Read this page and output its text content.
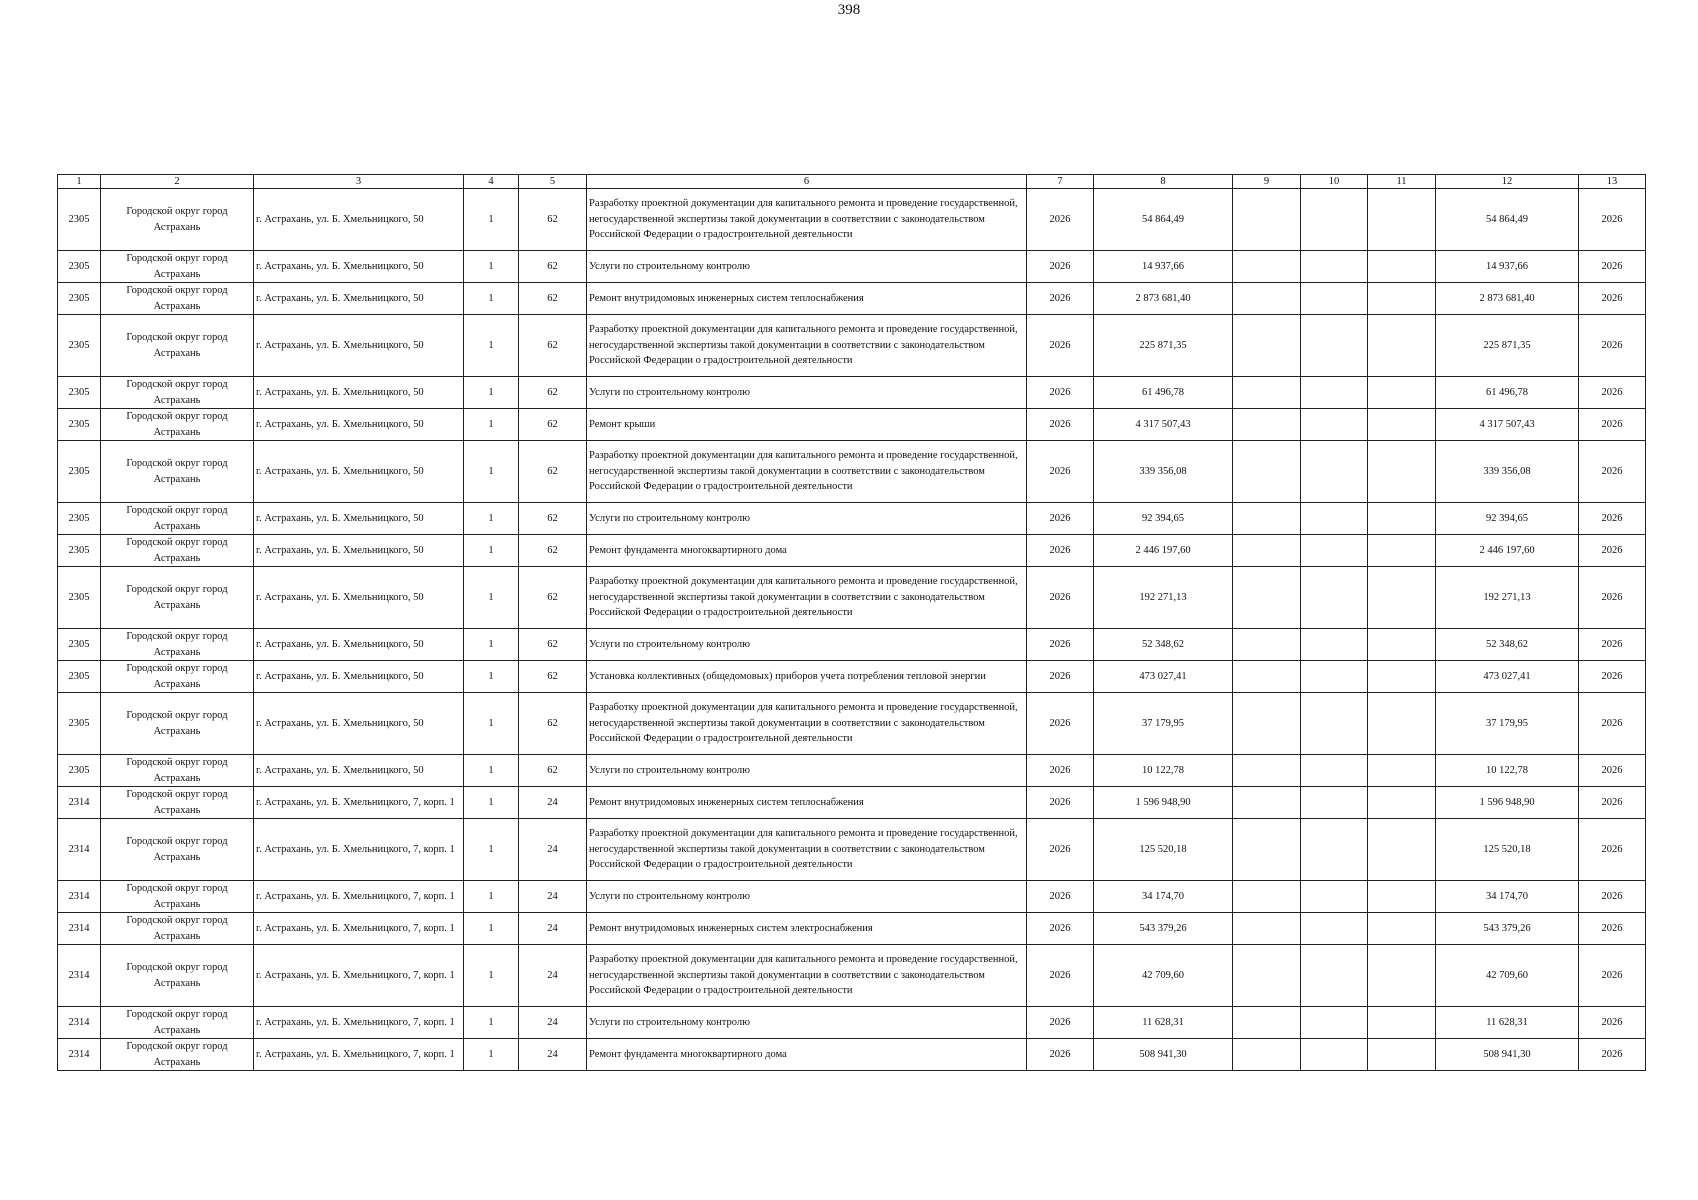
398
1	2	3	4	5	6	7	8	9	10	11	12	13
2305	Городской округ город Астрахань	г. Астрахань, ул. Б. Хмельницкого, 50	1	62	Разработку проектной документации для капитального ремонта и проведение государственной, негосударственной экспертизы такой документации в соответствии с законодательством Российской Федерации о градостроительной деятельности	2026	54 864,49				54 864,49	2026
2305	Городской округ город Астрахань	г. Астрахань, ул. Б. Хмельницкого, 50	1	62	Услуги по строительному контролю	2026	14 937,66				14 937,66	2026
2305	Городской округ город Астрахань	г. Астрахань, ул. Б. Хмельницкого, 50	1	62	Ремонт внутридомовых инженерных систем теплоснабжения	2026	2 873 681,40				2 873 681,40	2026
2305	Городской округ город Астрахань	г. Астрахань, ул. Б. Хмельницкого, 50	1	62	Разработку проектной документации для капитального ремонта и проведение государственной, негосударственной экспертизы такой документации в соответствии с законодательством Российской Федерации о градостроительной деятельности	2026	225 871,35				225 871,35	2026
2305	Городской округ город Астрахань	г. Астрахань, ул. Б. Хмельницкого, 50	1	62	Услуги по строительному контролю	2026	61 496,78				61 496,78	2026
2305	Городской округ город Астрахань	г. Астрахань, ул. Б. Хмельницкого, 50	1	62	Ремонт крыши	2026	4 317 507,43				4 317 507,43	2026
2305	Городской округ город Астрахань	г. Астрахань, ул. Б. Хмельницкого, 50	1	62	Разработку проектной документации для капитального ремонта и проведение государственной, негосударственной экспертизы такой документации в соответствии с законодательством Российской Федерации о градостроительной деятельности	2026	339 356,08				339 356,08	2026
2305	Городской округ город Астрахань	г. Астрахань, ул. Б. Хмельницкого, 50	1	62	Услуги по строительному контролю	2026	92 394,65				92 394,65	2026
2305	Городской округ город Астрахань	г. Астрахань, ул. Б. Хмельницкого, 50	1	62	Ремонт фундамента многоквартирного дома	2026	2 446 197,60				2 446 197,60	2026
2305	Городской округ город Астрахань	г. Астрахань, ул. Б. Хмельницкого, 50	1	62	Разработку проектной документации для капитального ремонта и проведение государственной, негосударственной экспертизы такой документации в соответствии с законодательством Российской Федерации о градостроительной деятельности	2026	192 271,13				192 271,13	2026
2305	Городской округ город Астрахань	г. Астрахань, ул. Б. Хмельницкого, 50	1	62	Услуги по строительному контролю	2026	52 348,62				52 348,62	2026
2305	Городской округ город Астрахань	г. Астрахань, ул. Б. Хмельницкого, 50	1	62	Установка коллективных (общедомовых) приборов учета потребления тепловой энергии	2026	473 027,41				473 027,41	2026
2305	Городской округ город Астрахань	г. Астрахань, ул. Б. Хмельницкого, 50	1	62	Разработку проектной документации для капитального ремонта и проведение государственной, негосударственной экспертизы такой документации в соответствии с законодательством Российской Федерации о градостроительной деятельности	2026	37 179,95				37 179,95	2026
2305	Городской округ город Астрахань	г. Астрахань, ул. Б. Хмельницкого, 50	1	62	Услуги по строительному контролю	2026	10 122,78				10 122,78	2026
2314	Городской округ город Астрахань	г. Астрахань, ул. Б. Хмельницкого, 7, корп. 1	1	24	Ремонт внутридомовых инженерных систем теплоснабжения	2026	1 596 948,90				1 596 948,90	2026
2314	Городской округ город Астрахань	г. Астрахань, ул. Б. Хмельницкого, 7, корп. 1	1	24	Разработку проектной документации для капитального ремонта и проведение государственной, негосударственной экспертизы такой документации в соответствии с законодательством Российской Федерации о градостроительной деятельности	2026	125 520,18				125 520,18	2026
2314	Городской округ город Астрахань	г. Астрахань, ул. Б. Хмельницкого, 7, корп. 1	1	24	Услуги по строительному контролю	2026	34 174,70				34 174,70	2026
2314	Городской округ город Астрахань	г. Астрахань, ул. Б. Хмельницкого, 7, корп. 1	1	24	Ремонт внутридомовых инженерных систем электроснабжения	2026	543 379,26				543 379,26	2026
2314	Городской округ город Астрахань	г. Астрахань, ул. Б. Хмельницкого, 7, корп. 1	1	24	Разработку проектной документации для капитального ремонта и проведение государственной, негосударственной экспертизы такой документации в соответствии с законодательством Российской Федерации о градостроительной деятельности	2026	42 709,60				42 709,60	2026
2314	Городской округ город Астрахань	г. Астрахань, ул. Б. Хмельницкого, 7, корп. 1	1	24	Услуги по строительному контролю	2026	11 628,31				11 628,31	2026
2314	Городской округ город Астрахань	г. Астрахань, ул. Б. Хмельницкого, 7, корп. 1	1	24	Ремонт фундамента многоквартирного дома	2026	508 941,30				508 941,30	2026
